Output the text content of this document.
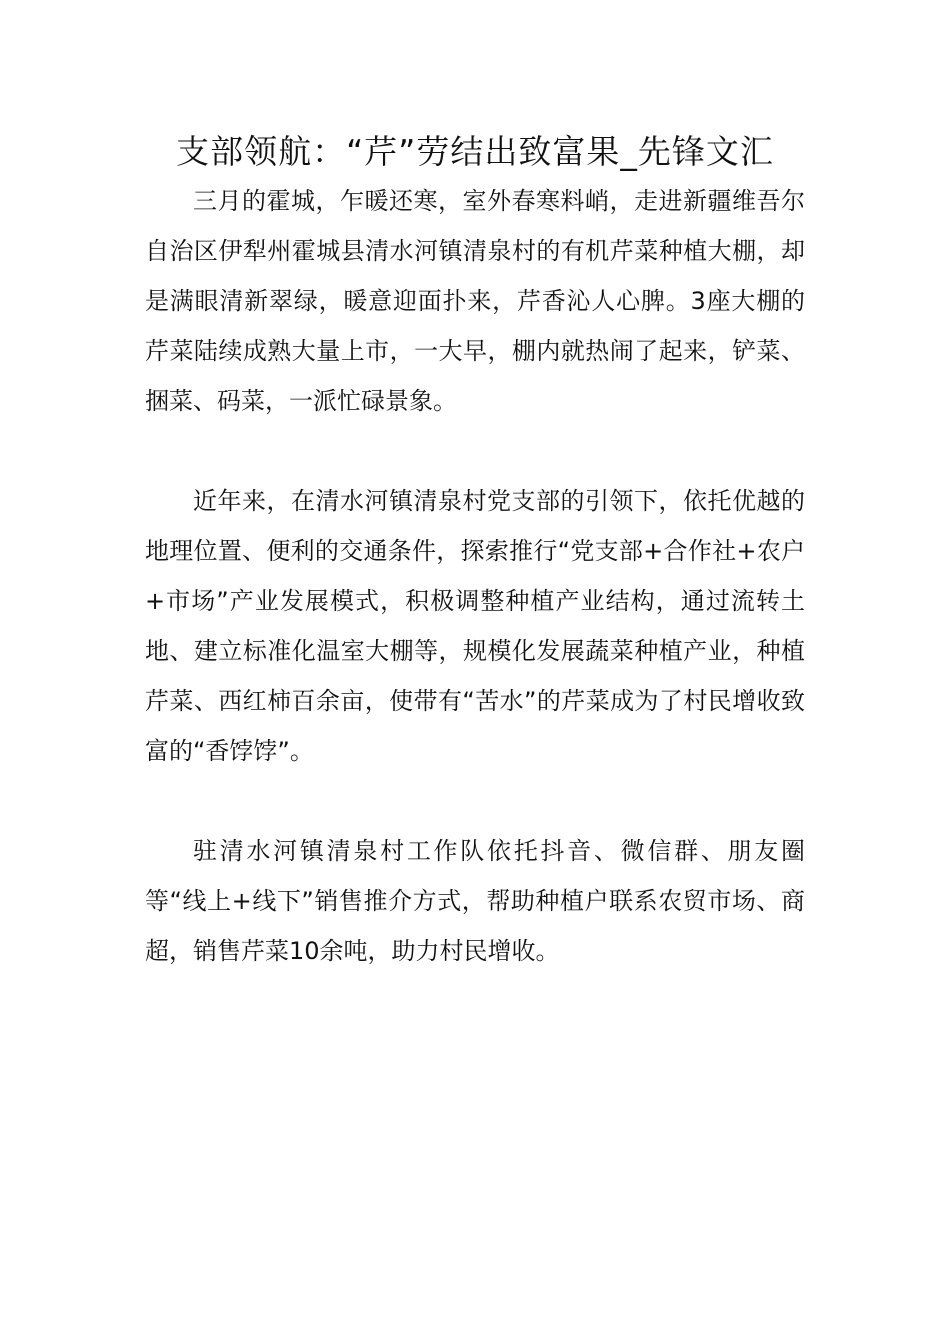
支部领航：“芹”劳结出致富果_先锋文汇

三月的霍城，乍暖还寒，室外春寒料峭，走进新疆维吾尔自治区伊犁州霍城县清水河镇清泉村的有机芹菜种植大棚，却是满眼清新翠绿，暖意迎面扑来，芹香沁人心脾。3座大棚的芹菜陆续成熟大量上市，一大早，棚内就热闹了起来，铲菜、捆菜、码菜，一派忙碌景象。

近年来，在清水河镇清泉村党支部的引领下，依托优越的地理位置、便利的交通条件，探索推行“党支部+合作社+农户+市场”产业发展模式，积极调整种植产业结构，通过流转土地、建立标准化温室大棚等，规模化发展蔬菜种植产业，种植芹菜、西红柿百余亩，使带有“苦水”的芹菜成为了村民增收致富的“香饽饽”。

驻清水河镇清泉村工作队依托抖音、微信群、朋友圈等“线上+线下”销售推介方式，帮助种植户联系农贸市场、商超，销售芹菜10余吨，助力村民增收。
